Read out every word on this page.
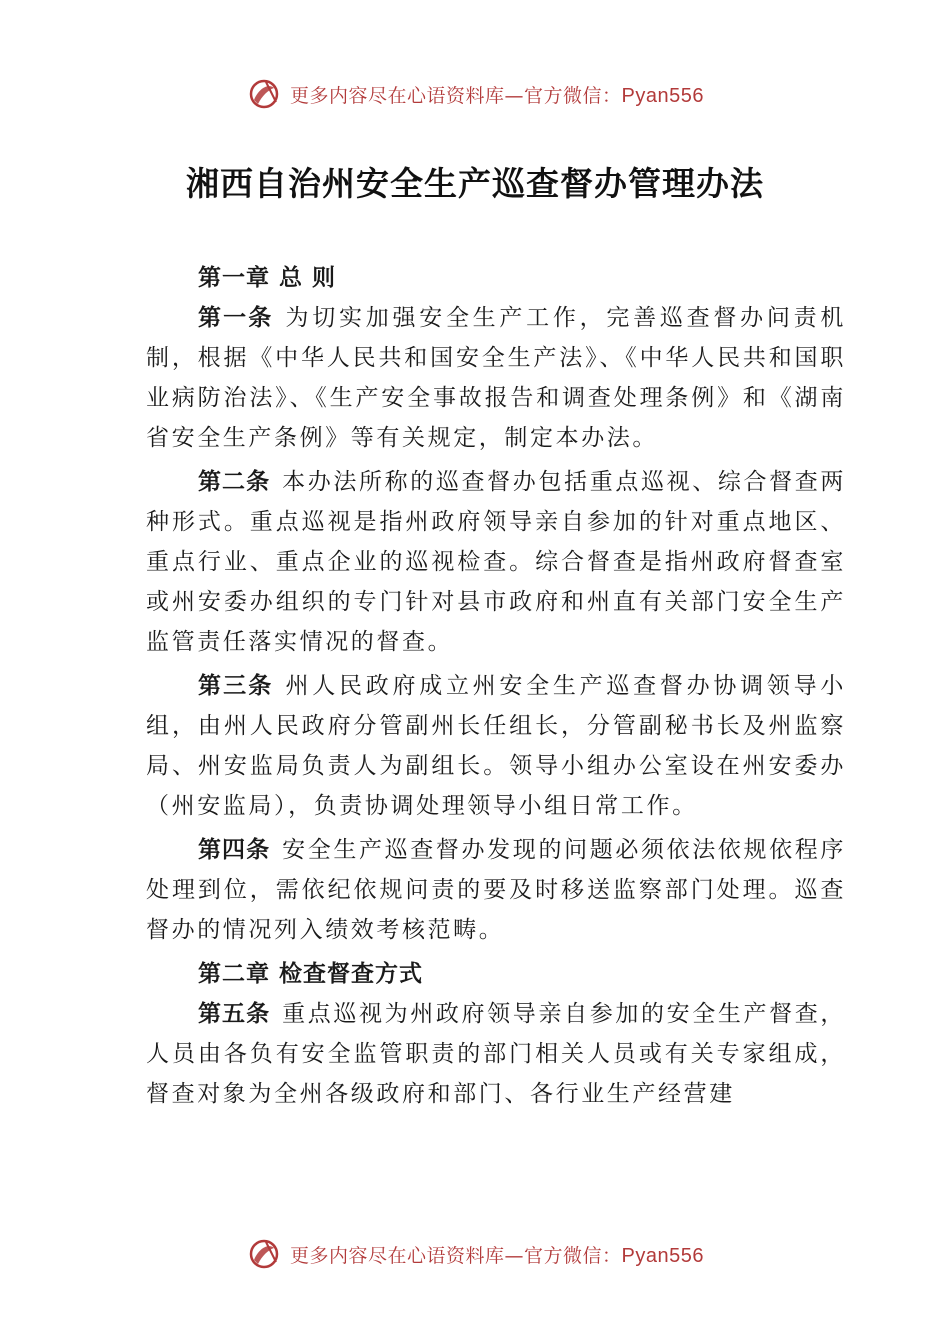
更多内容尽在心语资料库—官方微信：Pyan556
湘西自治州安全生产巡查督办管理办法
第一章 总 则

第一条 为切实加强安全生产工作，完善巡查督办问责机制，根据《中华人民共和国安全生产法》、《中华人民共和国职业病防治法》、《生产安全事故报告和调查处理条例》和《湖南省安全生产条例》等有关规定，制定本办法。

第二条 本办法所称的巡查督办包括重点巡视、综合督查两种形式。重点巡视是指州政府领导亲自参加的针对重点地区、重点行业、重点企业的巡视检查。综合督查是指州政府督查室或州安委办组织的专门针对县市政府和州直有关部门安全生产监管责任落实情况的督查。

第三条 州人民政府成立州安全生产巡查督办协调领导小组，由州人民政府分管副州长任组长，分管副秘书长及州监察局、州安监局负责人为副组长。领导小组办公室设在州安委办（州安监局），负责协调处理领导小组日常工作。

第四条 安全生产巡查督办发现的问题必须依法依规依程序处理到位，需依纪依规问责的要及时移送监察部门处理。巡查督办的情况列入绩效考核范畴。

第二章 检查督查方式

第五条 重点巡视为州政府领导亲自参加的安全生产督查，人员由各负有安全监管职责的部门相关人员或有关专家组成，督查对象为全州各级政府和部门、各行业生产经营建

更多内容尽在心语资料库—官方微信：Pyan556
